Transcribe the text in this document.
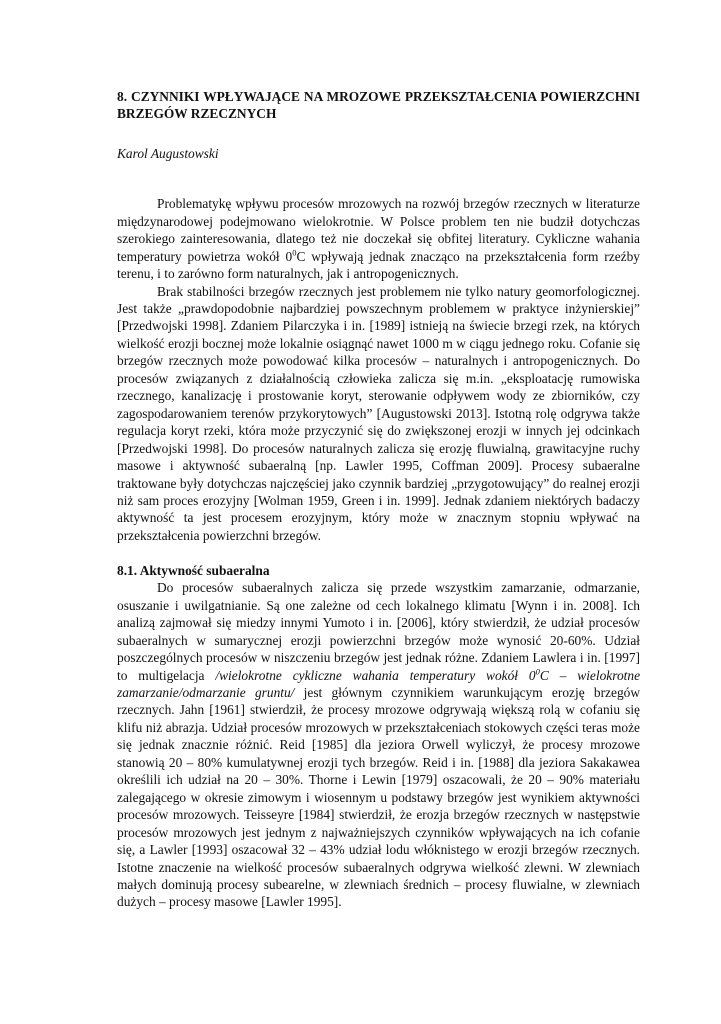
8. CZYNNIKI WPŁYWAJĄCE NA MROZOWE PRZEKSZTAŁCENIA POWIERZCHNI BRZEGÓW RZECZNYCH
Karol Augustowski

Problematykę wpływu procesów mrozowych na rozwój brzegów rzecznych w literaturze międzynarodowej podejmowano wielokrotnie. W Polsce problem ten nie budził dotychczas szerokiego zainteresowania, dlatego też nie doczekał się obfitej literatury. Cykliczne wahania temperatury powietrza wokół $0^0C$ wpływają jednak znacząco na przekształcenia form rzeźby terenu, i to zarówno form naturalnych, jak i antropogenicznych.

Brak stabilności brzegów rzecznych jest problemem nie tylko natury geomorfologicznej. Jest także „prawdopodobnie najbardziej powszechnym problemem w praktyce inżynierskiej” [Przedwojski 1998]. Zdaniem Pilarczyka i in. [1989] istnieją na świecie brzegi rzek, na których wielkość erozji bocznej może lokalnie osiągnąć nawet 1000 m w ciągu jednego roku. Cofanie się brzegów rzecznych może powodować kilka procesów – naturalnych i antropogenicznych. Do procesów związanych z działalnością człowieka zalicza się m.in. „eksploatację rumowiska rzecznego, kanalizację i prostowanie koryt, sterowanie odpływem wody ze zbiorników, czy zagospodarowaniem terenów przykorytowych” [Augustowski 2013]. Istotną rolę odgrywa także regulacja koryt rzeki, która może przyczynić się do zwiększonej erozji w innych jej odcinkach [Przedwojski 1998]. Do procesów naturalnych zalicza się erozję fluwialną, grawitacyjne ruchy masowe i aktywność subaeralną [np. Lawler 1995, Coffman 2009]. Procesy subaeralne traktowane były dotychczas najczęściej jako czynnik bardziej „przygotowujący” do realnej erozji niż sam proces erozyjny [Wolman 1959, Green i in. 1999]. Jednak zdaniem niektórych badaczy aktywność ta jest procesem erozyjnym, który może w znacznym stopniu wpływać na przekształcenia powierzchni brzegów.

8.1. Aktywność subaeralna

Do procesów subaeralnych zalicza się przede wszystkim zamarzanie, odmarzanie, osuszanie i uwilgatnianie. Są one zależne od cech lokalnego klimatu [Wynn i in. 2008]. Ich analizą zajmował się miedzy innymi Yumoto i in. [2006], który stwierdził, że udział procesów subaeralnych w sumarycznej erozji powierzchni brzegów może wynosić 20-60%. Udział poszczególnych procesów w niszczeniu brzegów jest jednak różne. Zdaniem Lawlera i in. [1997] to multigelacja /wielokrotne cykliczne wahania temperatury wokół $0^0C$ – wielokrotne zamarzanie/odmarzanie gruntu/ jest głównym czynnikiem warunkującym erozję brzegów rzecznych. Jahn [1961] stwierdził, że procesy mrozowe odgrywają większą rolą w cofaniu się klifu niż abrazja. Udział procesów mrozowych w przekształceniach stokowych części teras może się jednak znacznie różnić. Reid [1985] dla jeziora Orwell wyliczył, że procesy mrozowe stanowią 20 – 80% kumulatywnej erozji tych brzegów. Reid i in. [1988] dla jeziora Sakakawea określili ich udział na 20 – 30%. Thorne i Lewin [1979] oszacowali, że 20 – 90% materiału zalegającego w okresie zimowym i wiosennym u podstawy brzegów jest wynikiem aktywności procesów mrozowych. Teisseyre [1984] stwierdził, że erozja brzegów rzecznych w następstwie procesów mrozowych jest jednym z najważniejszych czynników wpływających na ich cofanie się, a Lawler [1993] oszacował 32 – 43% udział lodu włóknistego w erozji brzegów rzecznych. Istotne znaczenie na wielkość procesów subaeralnych odgrywa wielkość zlewni. W zlewniach małych dominują procesy subearelne, w zlewniach średnich – procesy fluwialne, w zlewniach dużych – procesy masowe [Lawler 1995].
